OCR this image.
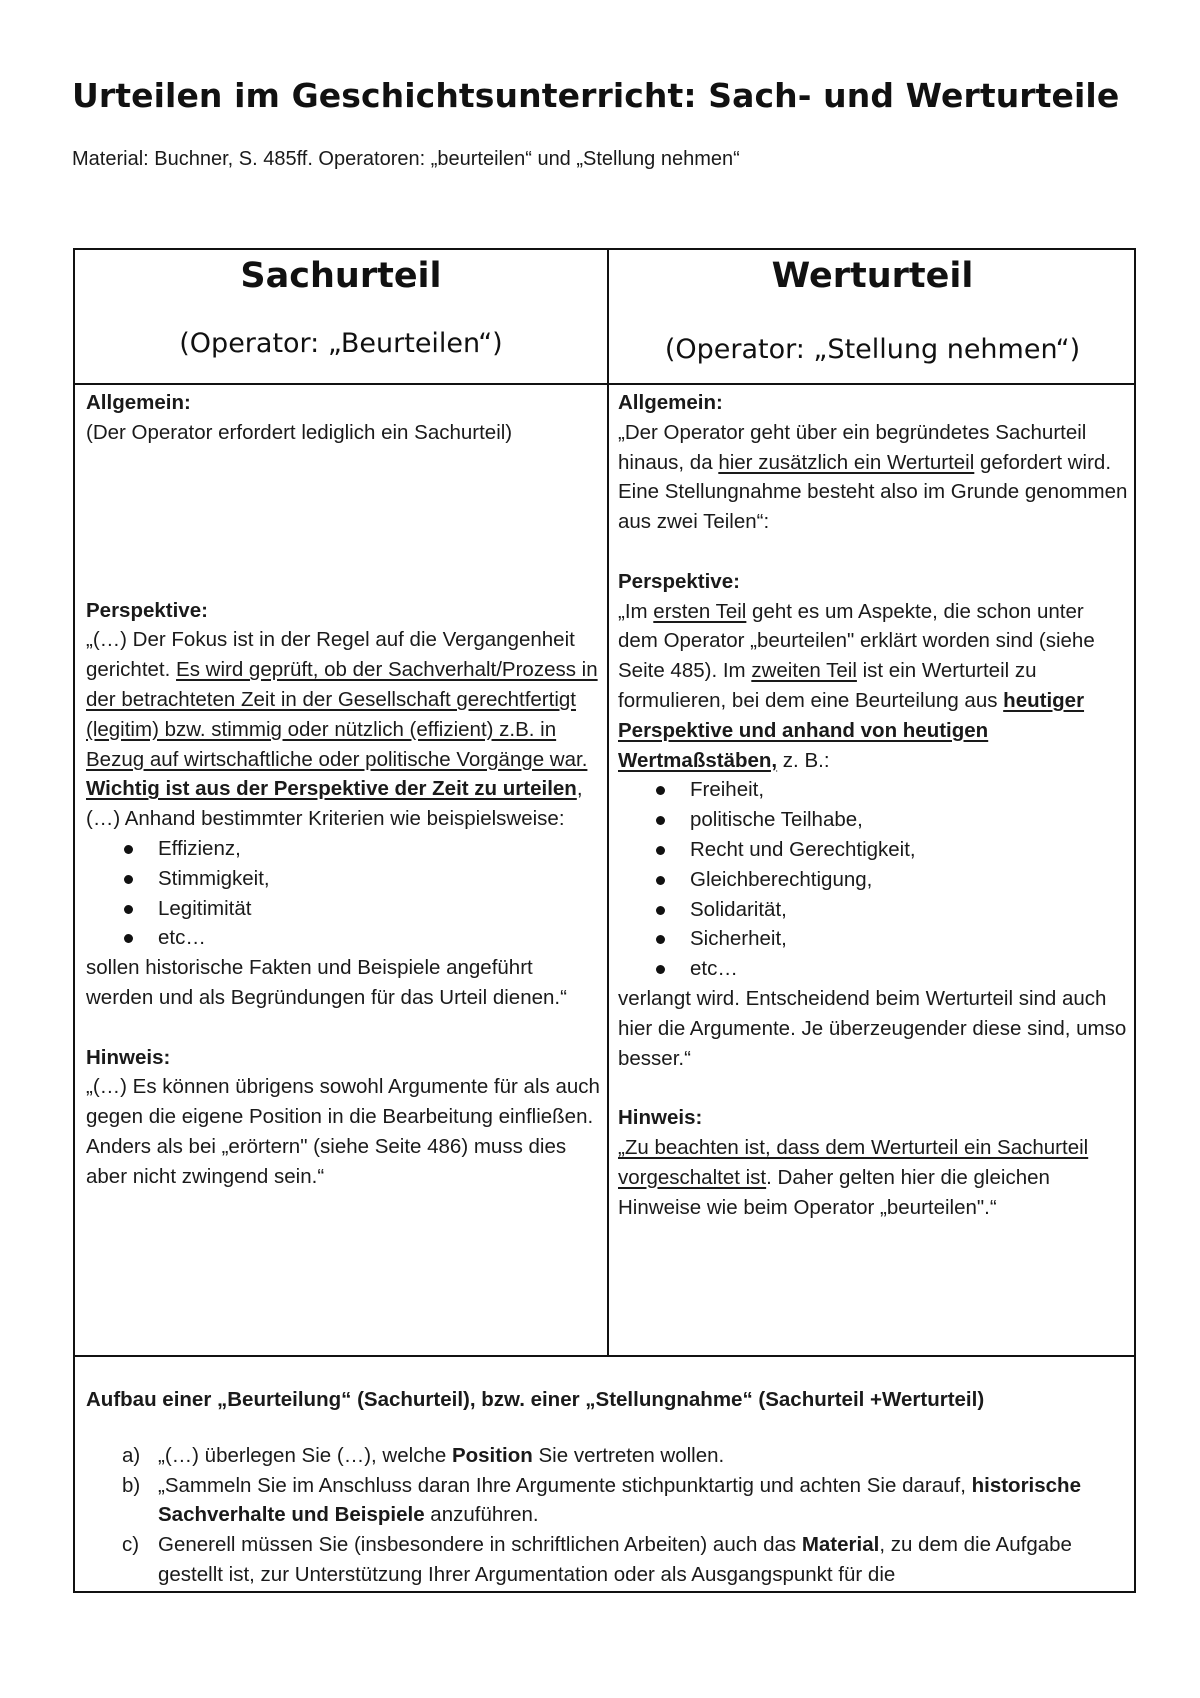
Urteilen im Geschichtsunterricht: Sach- und Werturteile

Material: Buchner, S. 485ff. Operatoren: „beurteilen“ und „Stellung nehmen“

Sachurteil
(Operator: „Beurteilen“)
Werturteil
(Operator: „Stellung nehmen“)
Allgemein:

(Der Operator erfordert lediglich ein Sachurteil)

Perspektive:

„(…) Der Fokus ist in der Regel auf die Vergangenheit gerichtet. Es wird geprüft, ob der Sachverhalt/Prozess in der betrachteten Zeit in der Gesellschaft gerechtfertigt (legitim) bzw. stimmig oder nützlich (effizient) z.B. in Bezug auf wirtschaftliche oder politische Vorgänge war. Wichtig ist aus der Perspektive der Zeit zu urteilen, (…) Anhand bestimmter Kriterien wie beispielsweise:

Effizienz,
Stimmigkeit,
Legitimität
etc…

sollen historische Fakten und Beispiele angeführt werden und als Begründungen für das Urteil dienen.“

Hinweis:

„(…) Es können übrigens sowohl Argumente für als auch gegen die eigene Position in die Bearbeitung einfließen. Anders als bei „erörtern" (siehe Seite 486) muss dies aber nicht zwingend sein.“

Allgemein:

„Der Operator geht über ein begründetes Sachurteil hinaus, da hier zusätzlich ein Werturteil gefordert wird. Eine Stellungnahme besteht also im Grunde genommen aus zwei Teilen“:

Perspektive:

„Im ersten Teil geht es um Aspekte, die schon unter dem Operator „beurteilen" erklärt worden sind (siehe Seite 485). Im zweiten Teil ist ein Werturteil zu formulieren, bei dem eine Beurteilung aus heutiger Perspektive und anhand von heutigen Wertmaßstäben, z. B.:

Freiheit,
politische Teilhabe,
Recht und Gerechtigkeit,
Gleichberechtigung,
Solidarität,
Sicherheit,
etc…

verlangt wird. Entscheidend beim Werturteil sind auch hier die Argumente. Je überzeugender diese sind, umso besser.“

Hinweis:

„Zu beachten ist, dass dem Werturteil ein Sachurteil vorgeschaltet ist. Daher gelten hier die gleichen Hinweise wie beim Operator „beurteilen".“

Aufbau einer „Beurteilung“ (Sachurteil), bzw. einer „Stellungnahme“ (Sachurteil +Werturteil)

a) „(…) überlegen Sie (…), welche Position Sie vertreten wollen.
b) „Sammeln Sie im Anschluss daran Ihre Argumente stichpunktartig und achten Sie darauf, historische Sachverhalte und Beispiele anzuführen.
c) Generell müssen Sie (insbesondere in schriftlichen Arbeiten) auch das Material, zu dem die Aufgabe gestellt ist, zur Unterstützung Ihrer Argumentation oder als Ausgangspunkt für die
